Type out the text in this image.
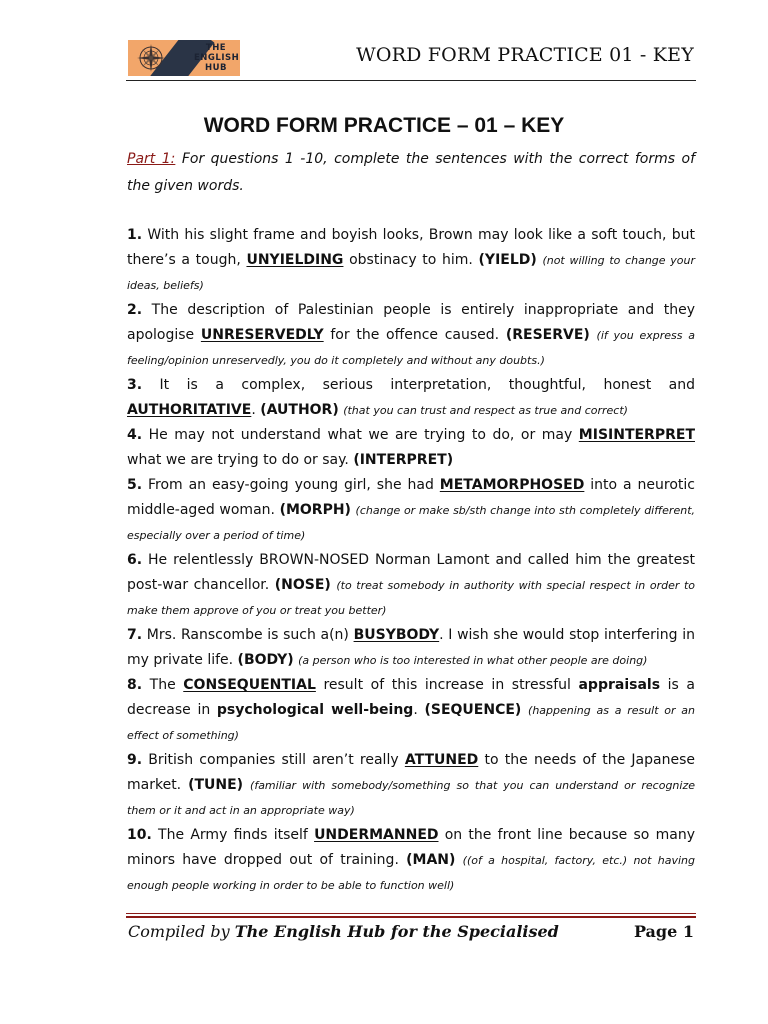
THE
ENGLISH
HUB
WORD FORM PRACTICE 01 - KEY
WORD FORM PRACTICE – 01 – KEY
Part 1: For questions 1 -10, complete the sentences with the correct forms of the given words.

1. With his slight frame and boyish looks, Brown may look like a soft touch, but there’s a tough, UNYIELDING obstinacy to him. (YIELD) (not willing to change your ideas, beliefs)

2. The description of Palestinian people is entirely inappropriate and they apologise UNRESERVEDLY for the offence caused. (RESERVE) (if you express a feeling/opinion unreservedly, you do it completely and without any doubts.)

3. It is a complex, serious interpretation, thoughtful, honest and AUTHORITATIVE. (AUTHOR) (that you can trust and respect as true and correct)

4. He may not understand what we are trying to do, or may MISINTERPRET what we are trying to do or say. (INTERPRET)

5. From an easy-going young girl, she had METAMORPHOSED into a neurotic middle-aged woman. (MORPH) (change or make sb/sth change into sth completely different, especially over a period of time)

6. He relentlessly BROWN-NOSED Norman Lamont and called him the greatest post-war chancellor. (NOSE) (to treat somebody in authority with special respect in order to make them approve of you or treat you better)

7. Mrs. Ranscombe is such a(n) BUSYBODY. I wish she would stop interfering in my private life. (BODY) (a person who is too interested in what other people are doing)

8. The CONSEQUENTIAL result of this increase in stressful appraisals is a decrease in psychological well-being. (SEQUENCE) (happening as a result or an effect of something)

9. British companies still aren’t really ATTUNED to the needs of the Japanese market. (TUNE) (familiar with somebody/something so that you can understand or recognize them or it and act in an appropriate way)

10. The Army finds itself UNDERMANNED on the front line because so many minors have dropped out of training. (MAN) ((of a hospital, factory, etc.) not having enough people working in order to be able to function well)

Compiled by The English Hub for the Specialised	Page 1
